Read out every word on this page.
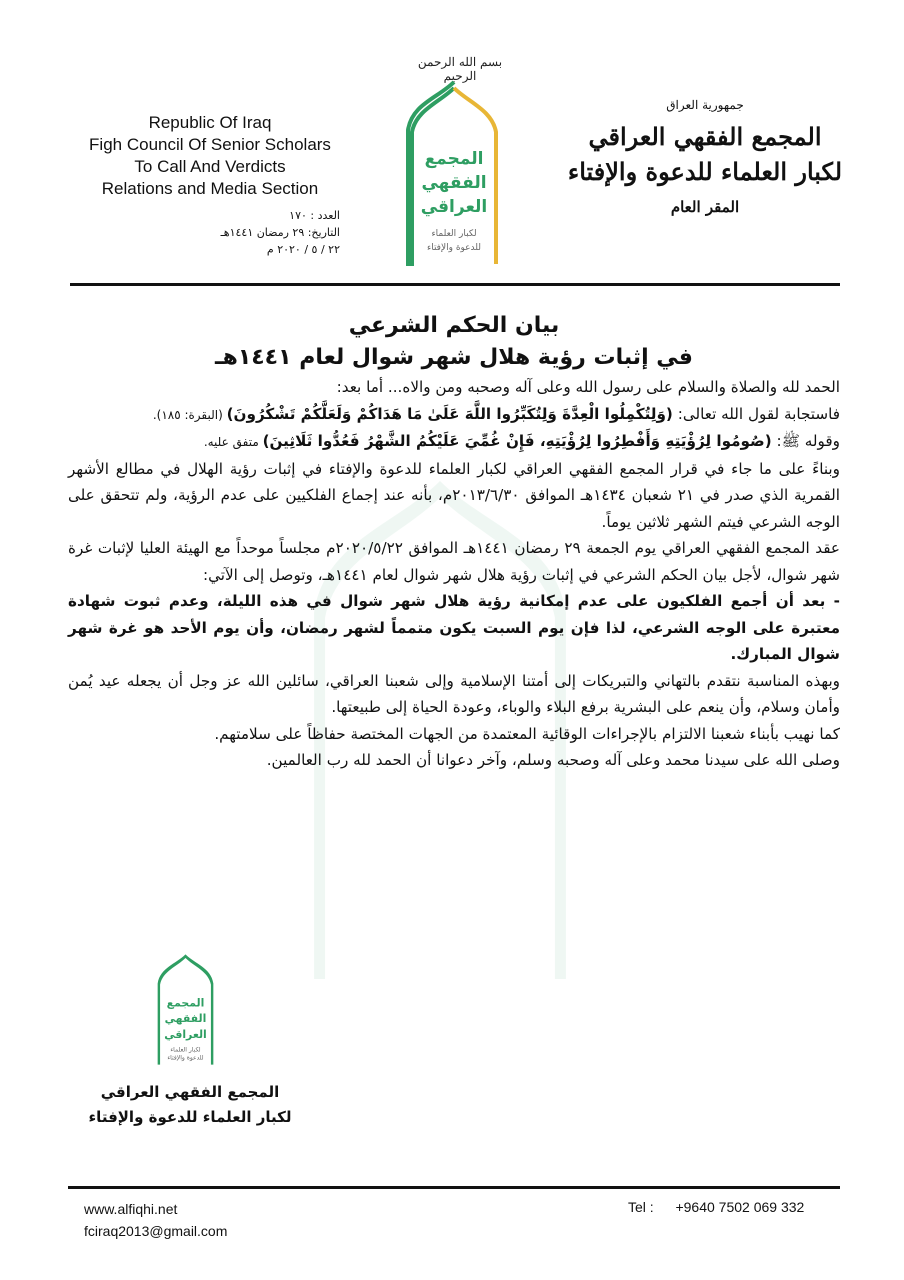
Republic Of Iraq
Figh Council Of Senior Scholars
To Call And Verdicts
Relations and Media Section
العدد : ١٧٠
التاريخ: ٢٩ رمضان ١٤٤١هـ
٢٢ / ٥ / ٢٠٢٠ م
بسم الله الرحمن الرحيم
المجمع
الفقهي
العراقي
لكبار العلماء
للدعوة والإفتاء
جمهورية العراق
المجمع الفقهي العراقي
لكبار العلماء للدعوة والإفتاء
المقر العام
بيان الحكم الشرعي
في إثبات رؤية هلال شهر شوال لعام ١٤٤١هـ
الحمد لله والصلاة والسلام على رسول الله وعلى آله وصحبه ومن والاه... أما بعد:
فاستجابة لقول الله تعالى: (وَلِتُكْمِلُوا الْعِدَّةَ وَلِتُكَبِّرُوا اللَّهَ عَلَىٰ مَا هَدَاكُمْ وَلَعَلَّكُمْ تَشْكُرُونَ) (البقرة: ١٨٥).
وقوله ﷺ: (صُومُوا لِرُؤْيَتِهِ وَأَفْطِرُوا لِرُؤْيَتِهِ، فَإِنْ غُمِّيَ عَلَيْكُمُ الشَّهْرُ فَعُدُّوا ثَلَاثِينَ) متفق عليه.
وبناءً على ما جاء في قرار المجمع الفقهي العراقي لكبار العلماء للدعوة والإفتاء في إثبات رؤية الهلال في مطالع الأشهر القمرية الذي صدر في ٢١ شعبان ١٤٣٤هـ الموافق ٢٠١٣/٦/٣٠م، بأنه عند إجماع الفلكيين على عدم الرؤية، ولم تتحقق على الوجه الشرعي فيتم الشهر ثلاثين يوماً.
عقد المجمع الفقهي العراقي يوم الجمعة ٢٩ رمضان ١٤٤١هـ الموافق ٢٠٢٠/٥/٢٢م مجلساً موحداً مع الهيئة العليا لإثبات غرة شهر شوال، لأجل بيان الحكم الشرعي في إثبات رؤية هلال شهر شوال لعام ١٤٤١هـ، وتوصل إلى الآتي:
- بعد أن أجمع الفلكيون على عدم إمكانية رؤية هلال شهر شوال في هذه الليلة، وعدم ثبوت شهادة معتبرة على الوجه الشرعي، لذا فإن يوم السبت يكون متمماً لشهر رمضان، وأن يوم الأحد هو غرة شهر شوال المبارك.
وبهذه المناسبة نتقدم بالتهاني والتبريكات إلى أمتنا الإسلامية وإلى شعبنا العراقي، سائلين الله عز وجل أن يجعله عيد يُمن وأمان وسلام، وأن ينعم على البشرية برفع البلاء والوباء، وعودة الحياة إلى طبيعتها.
كما نهيب بأبناء شعبنا الالتزام بالإجراءات الوقائية المعتمدة من الجهات المختصة حفاظاً على سلامتهم.
وصلى الله على سيدنا محمد وعلى آله وصحبه وسلم، وآخر دعوانا أن الحمد لله رب العالمين.
المجمع
الفقهي
العراقي
لكبار العلماء
للدعوة والإفتاء
المجمع الفقهي العراقي
لكبار العلماء للدعوة والإفتاء
www.alfiqhi.net
fciraq2013@gmail.com
Tel : +9640 7502 069 332
